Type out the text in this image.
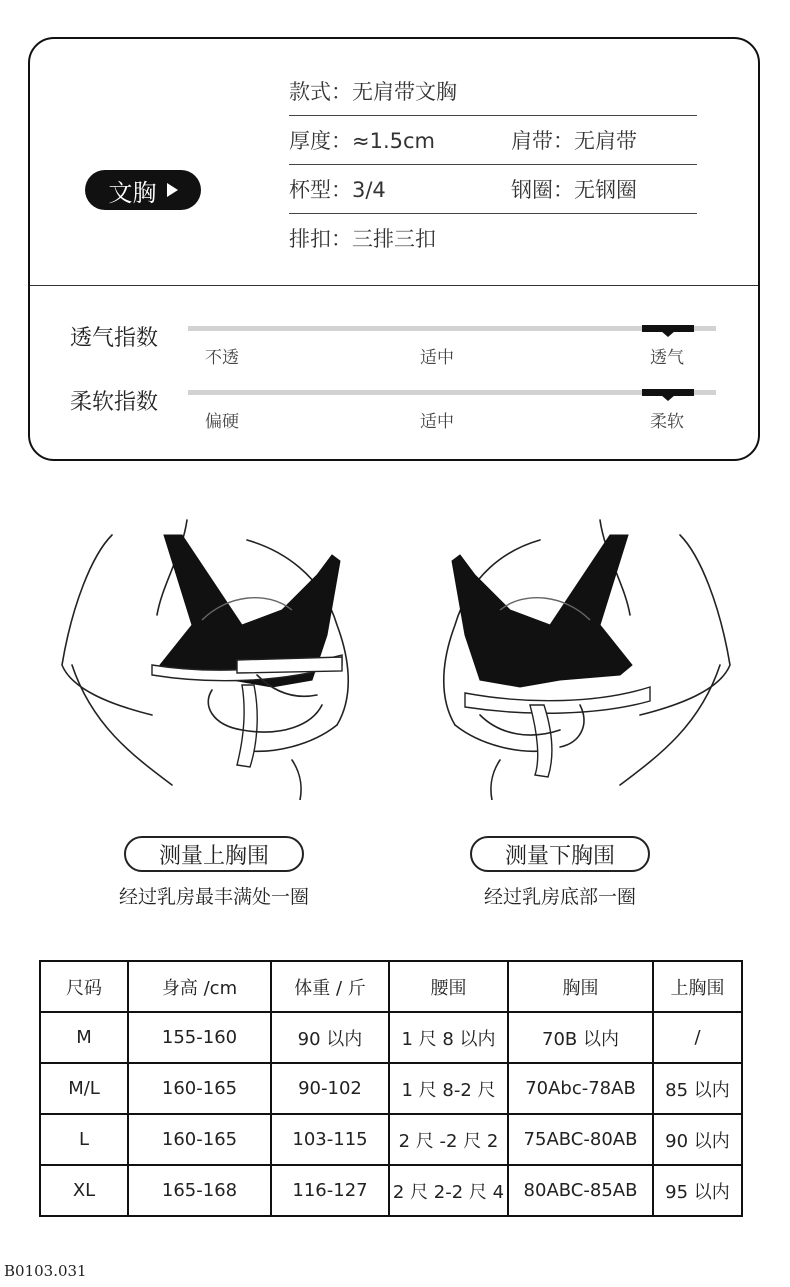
文胸
款式：无肩带文胸
厚度：≈1.5cm	肩带：无肩带
杯型：3/4	钢圈：无钢圈
排扣：三排三扣
透气指数
不透	适中	透气
柔软指数
偏硬	适中	柔软
测量上胸围
经过乳房最丰满处一圈
测量下胸围
经过乳房底部一圈
尺码	身高 /cm	体重 / 斤	腰围	胸围	上胸围
M	155-160	90 以内	1 尺 8 以内	70B 以内	/
M/L	160-165	90-102	1 尺 8-2 尺	70Abc-78AB	85 以内
L	160-165	103-115	2 尺 -2 尺 2	75ABC-80AB	90 以内
XL	165-168	116-127	2 尺 2-2 尺 4	80ABC-85AB	95 以内
B0103.031
